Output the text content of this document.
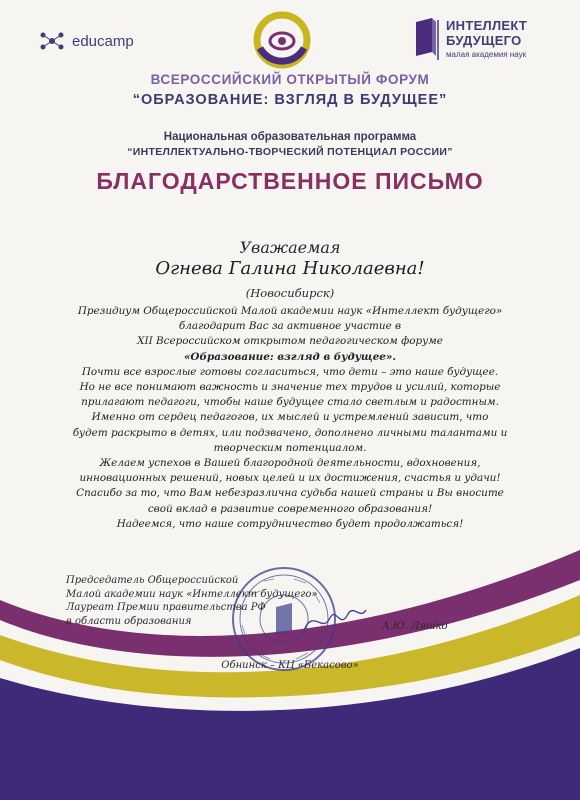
educamp
ИНТЕЛЛЕКТ
БУДУЩЕГО
малая академия наук
ВСЕРОССИЙСКИЙ ОТКРЫТЫЙ ФОРУМ
“ОБРАЗОВАНИЕ: ВЗГЛЯД В БУДУЩЕЕ”
Национальная образовательная программа
“ИНТЕЛЛЕКТУАЛЬНО-ТВОРЧЕСКИЙ ПОТЕНЦИАЛ РОССИИ”
БЛАГОДАРСТВЕННОЕ ПИСЬМО
Уважаемая
Огнева Галина Николаевна!
(Новосибирск)

Президиум Общероссийской Малой академии наук «Интеллект будущего»

благодарит Вас за активное участие в

XII Всероссийском открытом педагогическом форуме

«Образование: взгляд в будущее».

Почти все взрослые готовы согласиться, что дети – это наше будущее.

Но не все понимают важность и значение тех трудов и усилий, которые

прилагают педагоги, чтобы наше будущее стало светлым и радостным.

Именно от сердец педагогов, их мыслей и устремлений зависит, что

будет раскрыто в детях, или подзвачено, дополнено личными талантами и

творческим потенциалом.

Желаем успехов в Вашей благородной деятельности, вдохновения,

инновационных решений, новых целей и их достижения, счастья и удачи!

Спасибо за то, что Вам небезразлична судьба нашей страны и Вы вносите

свой вклад в развитие современного образования!

Надеемся, что наше сотрудничество будет продолжаться!

Председатель Общероссийской
Малой академии наук «Интеллект будущего»
Лауреат Премии правительства РФ
в области образования	А.Ю. Ляшко
Обнинск – КЦ «Бекасово»
